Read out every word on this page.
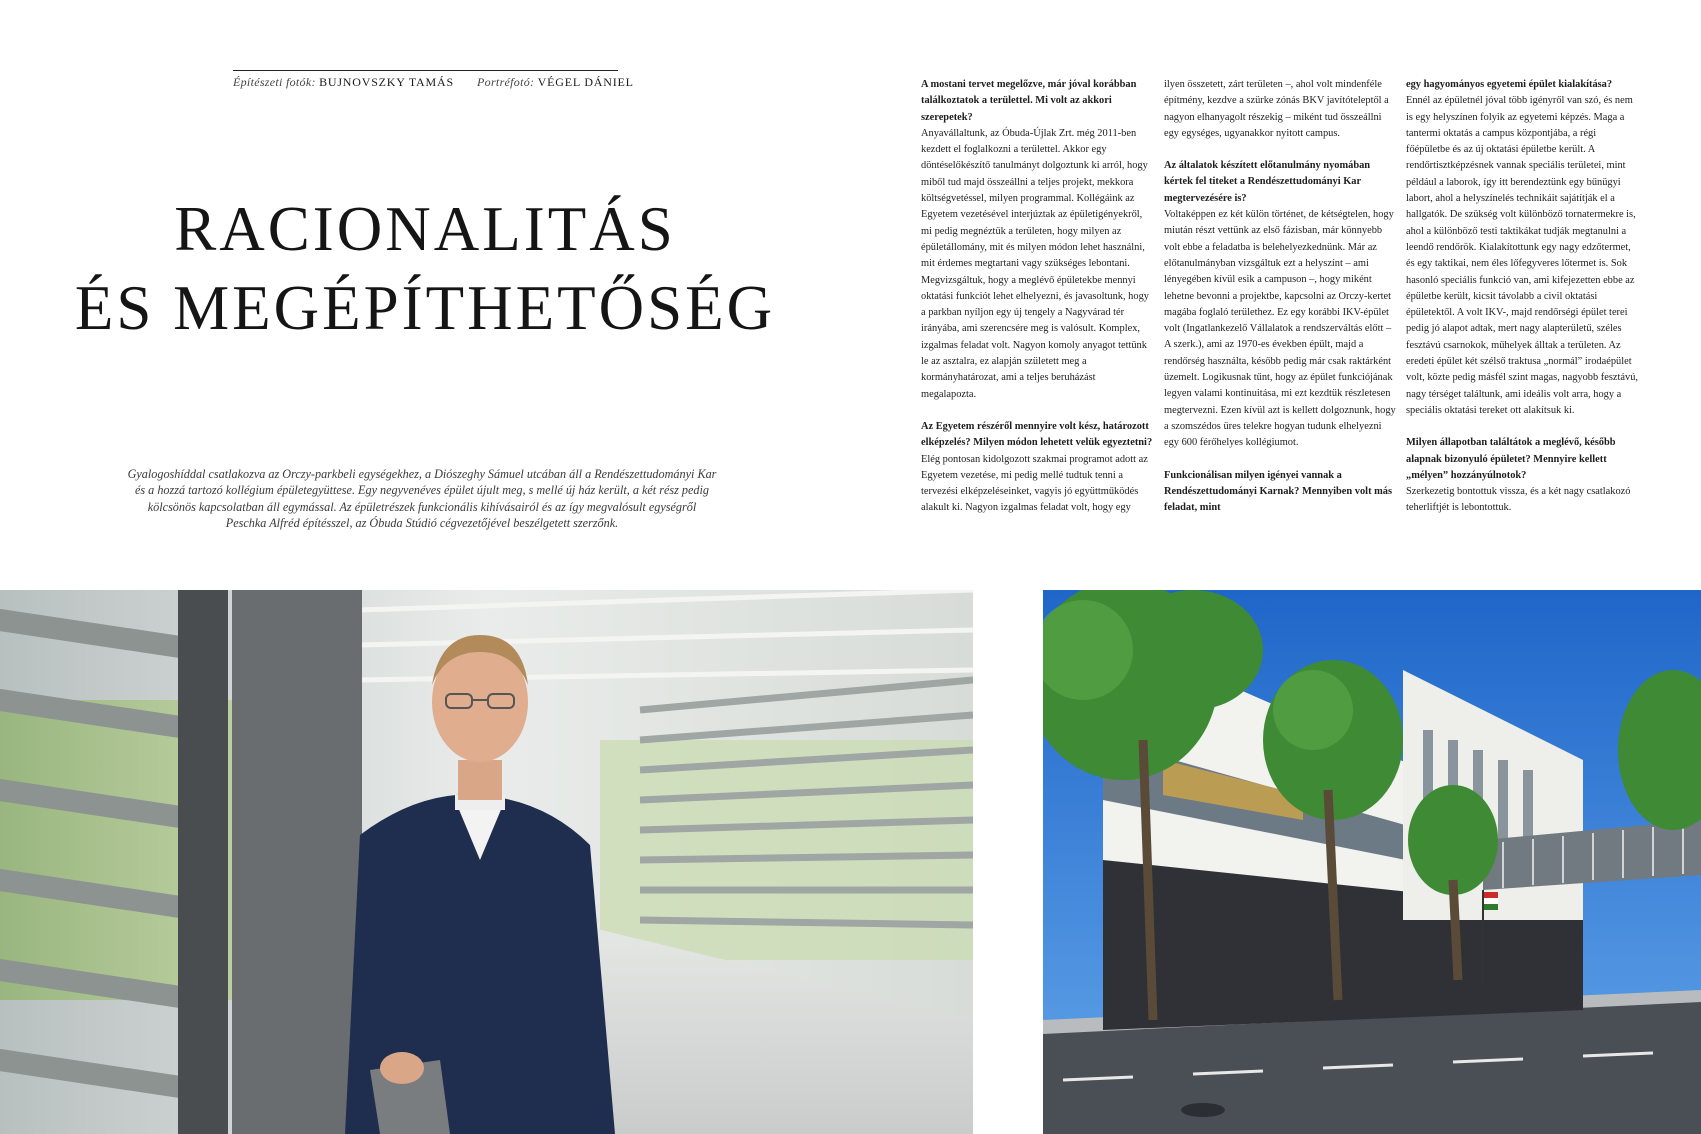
Építészeti fotók: BUJNOVSZKY TAMÁS Portréfotó: VÉGEL DÁNIEL
RACIONALITÁS
ÉS MEGÉPÍTHETŐSÉG
Gyalogoshíddal csatlakozva az Orczy-parkbeli egységekhez, a Diószeghy Sámuel utcában áll a Rendészettudományi Kar és a hozzá tartozó kollégium épületegyüttese. Egy negyvenéves épület újult meg, s mellé új ház került, a két rész pedig kölcsönös kapcsolatban áll egymással. Az épületrészek funkcionális kihívásairól és az így megvalósult egységről Peschka Alfréd építésszel, az Óbuda Stúdió cégvezetőjével beszélgetett szerzőnk.

A mostani tervet megelőzve, már jóval korábban találkoztatok a területtel. Mi volt az akkori szerepetek?

Anyavállaltunk, az Óbuda-Újlak Zrt. még 2011-ben kezdett el foglalkozni a területtel. Akkor egy döntéselőkészítő tanulmányt dolgoztunk ki arról, hogy miből tud majd összeállni a teljes projekt, mekkora költségvetéssel, milyen programmal. Kollégáink az Egyetem vezetésével interjúztak az épületigényekről, mi pedig megnéztük a területen, hogy milyen az épületállomány, mit és milyen módon lehet használni, mit érdemes megtartani vagy szükséges lebontani. Megvizsgáltuk, hogy a meglévő épületekbe mennyi oktatási funkciót lehet elhelyezni, és javasoltunk, hogy a parkban nyíljon egy új tengely a Nagyvárad tér irányába, ami szerencsére meg is valósult. Komplex, izgalmas feladat volt. Nagyon komoly anyagot tettünk le az asztalra, ez alapján született meg a kormányhatározat, ami a teljes beruházást megalapozta.

Az Egyetem részéről mennyire volt kész, határozott elképzelés? Milyen módon lehetett velük egyeztetni?

Elég pontosan kidolgozott szakmai programot adott az Egyetem vezetése, mi pedig mellé tudtuk tenni a tervezési elképzeléseinket, vagyis jó együttműködés alakult ki. Nagyon izgalmas feladat volt, hogy egy

ilyen összetett, zárt területen –, ahol volt mindenféle építmény, kezdve a szürke zónás BKV javítóteleptől a nagyon elhanyagolt részekig – miként tud összeállni egy egységes, ugyanakkor nyitott campus.

Az általatok készített előtanulmány nyomában kértek fel titeket a Rendészettudományi Kar megtervezésére is?

Voltaképpen ez két külön történet, de kétségtelen, hogy miután részt vettünk az első fázisban, már könnyebb volt ebbe a feladatba is belehelyezkednünk. Már az előtanulmányban vizsgáltuk ezt a helyszínt – ami lényegében kívül esik a campuson –, hogy miként lehetne bevonni a projektbe, kapcsolni az Orczy-kertet magába foglaló területhez. Ez egy korábbi IKV-épület volt (Ingatlankezelő Vállalatok a rendszerváltás előtt – A szerk.), ami az 1970-es években épült, majd a rendőrség használta, később pedig már csak raktárként üzemelt. Logikusnak tűnt, hogy az épület funkciójának legyen valami kontinuitása, mi ezt kezdtük részletesen megtervezni. Ezen kívül azt is kellett dolgoznunk, hogy a szomszédos üres telekre hogyan tudunk elhelyezni egy 600 férőhelyes kollégiumot.

Funkcionálisan milyen igényei vannak a Rendészettudományi Karnak? Mennyiben volt más feladat, mint

egy hagyományos egyetemi épület kialakítása?

Ennél az épületnél jóval több igényről van szó, és nem is egy helyszínen folyik az egyetemi képzés. Maga a tantermi oktatás a campus központjába, a régi főépületbe és az új oktatási épületbe került. A rendőrtisztképzésnek vannak speciális területei, mint például a laborok, így itt berendeztünk egy bűnügyi labort, ahol a helyszínelés technikáit sajátítják el a hallgatók. De szükség volt különböző tornatermekre is, ahol a különböző testi taktikákat tudják megtanulni a leendő rendőrök. Kialakítottunk egy nagy edzőtermet, és egy taktikai, nem éles lőfegyveres lőtermet is. Sok hasonló speciális funkció van, ami kifejezetten ebbe az épületbe került, kicsit távolabb a civil oktatási épületektől. A volt IKV-, majd rendőrségi épület terei pedig jó alapot adtak, mert nagy alapterületű, széles fesztávú csarnokok, műhelyek álltak a területen. Az eredeti épület két szélső traktusa „normál” irodaépület volt, közte pedig másfél szint magas, nagyobb fesztávú, nagy térséget találtunk, ami ideális volt arra, hogy a speciális oktatási tereket ott alakítsuk ki.

Milyen állapotban találtátok a meglévő, később alapnak bizonyuló épületet? Mennyire kellett „mélyen” hozzányúlnotok?

Szerkezetig bontottuk vissza, és a két nagy csatlakozó teherliftjét is lebontottuk.
